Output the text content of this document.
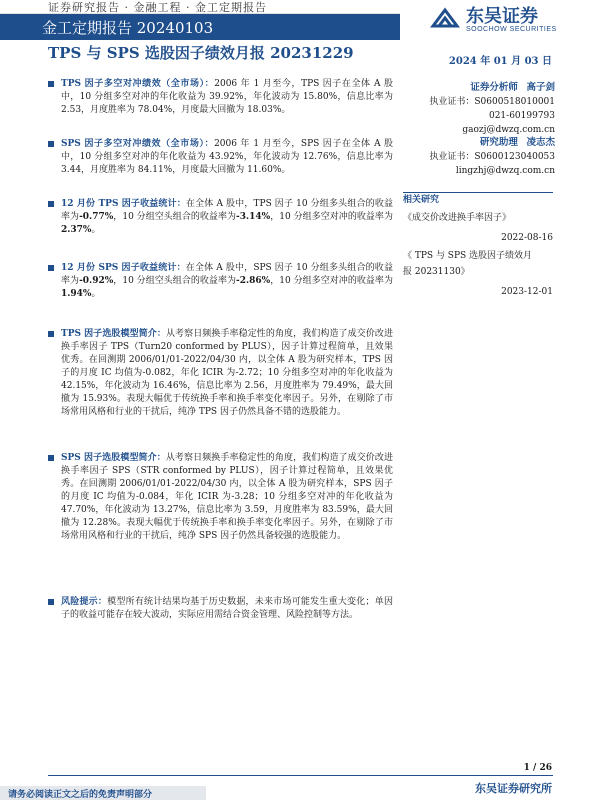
证券研究报告 · 金融工程 · 金工定期报告
金工定期报告 20240103
东吴证券
SOOCHOW SECURITIES
TPS 与 SPS 选股因子绩效月报 20231229	2024 年 01 月 03 日
TPS 因子多空对冲绩效（全市场）：2006 年 1 月至今，TPS 因子在全体 A 股中，10 分组多空对冲的年化收益为 39.92%，年化波动为 15.80%，信息比率为 2.53，月度胜率为 78.04%，月度最大回撤为 18.03%。
SPS 因子多空对冲绩效（全市场）：2006 年 1 月至今，SPS 因子在全体 A 股中，10 分组多空对冲的年化收益为 43.92%，年化波动为 12.76%，信息比率为 3.44，月度胜率为 84.11%，月度最大回撤为 11.60%。
12 月份 TPS 因子收益统计：在全体 A 股中，TPS 因子 10 分组多头组合的收益率为-0.77%，10 分组空头组合的收益率为-3.14%，10 分组多空对冲的收益率为2.37%。
12 月份 SPS 因子收益统计：在全体 A 股中，SPS 因子 10 分组多头组合的收益率为-0.92%，10 分组空头组合的收益率为-2.86%，10 分组多空对冲的收益率为1.94%。
TPS 因子选股模型简介：从考察日频换手率稳定性的角度，我们构造了成交价改进换手率因子 TPS（Turn20 conformed by PLUS），因子计算过程简单，且效果优秀。在回测期 2006/01/01-2022/04/30 内，以全体 A 股为研究样本，TPS 因子的月度 IC 均值为-0.082，年化 ICIR 为-2.72；10 分组多空对冲的年化收益为 42.15%，年化波动为 16.46%，信息比率为 2.56，月度胜率为 79.49%，最大回撤为 15.93%。表现大幅优于传统换手率和换手率变化率因子。另外，在剔除了市场常用风格和行业的干扰后，纯净 TPS 因子仍然具备不错的选股能力。
SPS 因子选股模型简介：从考察日频换手率稳定性的角度，我们构造了成交价改进换手率因子 SPS（STR conformed by PLUS），因子计算过程简单，且效果优秀。在回测期 2006/01/01-2022/04/30 内，以全体 A 股为研究样本，SPS 因子的月度 IC 均值为-0.084，年化 ICIR 为-3.28；10 分组多空对冲的年化收益为 47.70%，年化波动为 13.27%，信息比率为 3.59，月度胜率为 83.59%，最大回撤为 12.28%。表现大幅优于传统换手率和换手率变化率因子。另外，在剔除了市场常用风格和行业的干扰后，纯净 SPS 因子仍然具备较强的选股能力。
风险提示：模型所有统计结果均基于历史数据，未来市场可能发生重大变化；单因子的收益可能存在较大波动，实际应用需结合资金管理、风险控制等方法。
证券分析师 高子剑
执业证书：S0600518010001
021-60199793
gaozj@dwzq.com.cn
研究助理 凌志杰
执业证书：S0600123040053
lingzhj@dwzq.com.cn
相关研究
《成交价改进换手率因子》
2022-08-16
《 TPS 与 SPS 选股因子绩效月
报 20231130》
2023-12-01
1 / 26
东吴证券研究所
请务必阅读正文之后的免责声明部分
